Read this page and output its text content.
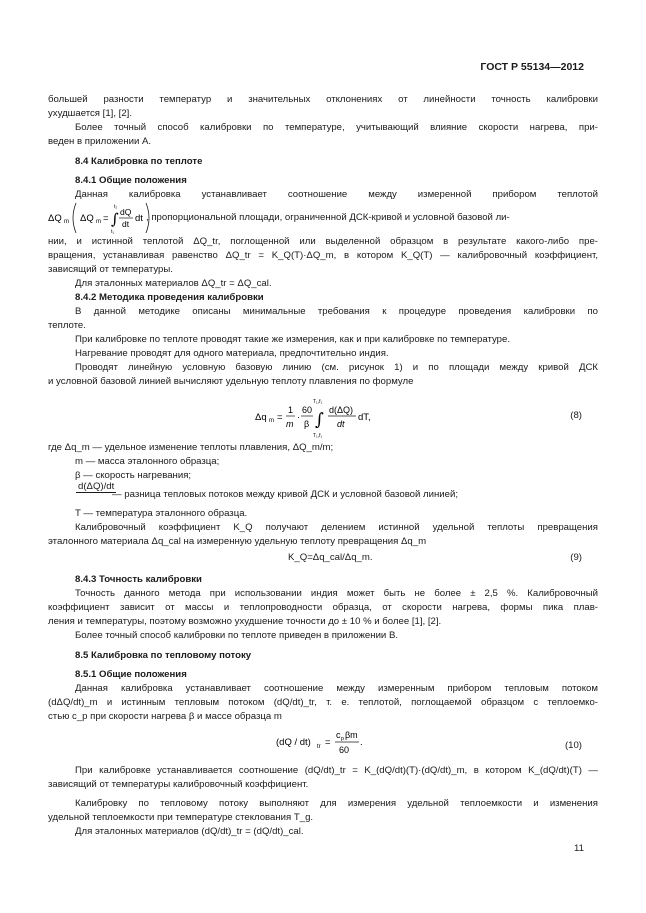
ГОСТ Р 55134—2012
большей разности температур и значительных отклонениях от линейности точность калибровки
ухудшается [1], [2].
Более точный способ калибровки по температуре, учитывающий влияние скорости нагрева, при-
веден в приложении А.
8.4 Калибровка по теплоте
8.4.1 Общие положения
Данная калибровка устанавливает соотношение между измеренной прибором теплотой
ΔQ m ΔQ m = ∫
t₂
t₁
dQ
dt dt , пропорциональной площади, ограниченной ДСК-кривой и условной базовой ли-
нии, и истинной теплотой ΔQ_tr, поглощенной или выделенной образцом в результате какого-либо пре-
вращения, устанавливая равенство ΔQ_tr = K_Q(T)·ΔQ_m, в котором K_Q(T) — калибровочный коэффициент,
зависящий от температуры.
Для эталонных материалов ΔQ_tr = ΔQ_cal.
8.4.2 Методика проведения калибровки
В данной методике описаны минимальные требования к процедуре проведения калибровки по
теплоте.
При калибровке по теплоте проводят такие же измерения, как и при калибровке по температуре.
Нагревание проводят для одного материала, предпочтительно индия.
Проводят линейную условную базовую линию (см. рисунок 1) и по площади между кривой ДСК
и условной базовой линией вычисляют удельную теплоту плавления по формуле
Δq m =
1
m
·
60
β ∫
T₁,f₂
T₁,f₁
d(ΔQ)
dt
dT,	(8)
где Δq_m — удельное изменение теплоты плавления, ΔQ_m/m;
m — масса эталонного образца;
β — скорость нагревания;
d(ΔQ)/dt

— разница тепловых потоков между кривой ДСК и условной базовой линией;
T — температура эталонного образца.
Калибровочный коэффициент K_Q получают делением истинной удельной теплоты превращения
эталонного материала Δq_cal на измеренную удельную теплоту превращения Δq_m
K_Q=Δq_cal/Δq_m.	(9)
8.4.3 Точность калибровки
Точность данного метода при использовании индия может быть не более ± 2,5 %. Калибровочный
коэффициент зависит от массы и теплопроводности образца, от скорости нагрева, формы пика плав-
ления и температуры, поэтому возможно ухудшение точности до ± 10 % и более [1], [2].
Более точный способ калибровки по теплоте приведен в приложении В.
8.5 Калибровка по тепловому потоку
8.5.1 Общие положения
Данная калибровка устанавливает соотношение между измеренным прибором тепловым потоком
(dΔQ/dt)_m и истинным тепловым потоком (dQ/dt)_tr, т. е. теплотой, поглощаемой образцом с теплоемко-
стью c_p при скорости нагрева β и массе образца m
(dQ / dt) tr =
c p βm
60
.	(10)
При калибровке устанавливается соотношение (dQ/dt)_tr = K_(dQ/dt)(T)·(dQ/dt)_m, в котором K_(dQ/dt)(T) —
зависящий от температуры калибровочный коэффициент.
Калибровку по тепловому потоку выполняют для измерения удельной теплоемкости и изменения
удельной теплоемкости при температуре стеклования T_g.
Для эталонных материалов (dQ/dt)_tr = (dQ/dt)_cal.
11
